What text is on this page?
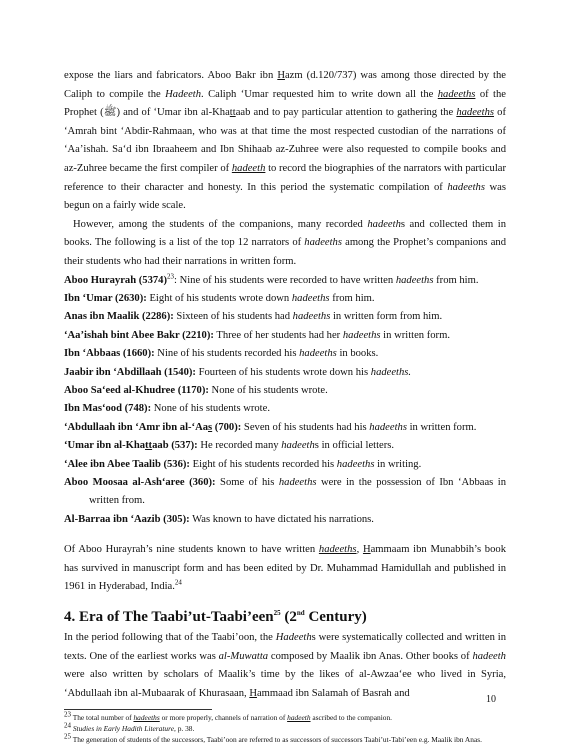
expose the liars and fabricators. Aboo Bakr ibn Hazm (d.120/737) was among those directed by the Caliph to compile the Hadeeth. Caliph ‘Umar requested him to write down all the hadeeths of the Prophet (ﷺ) and of ‘Umar ibn al-Khattaab and to pay particular attention to gathering the hadeeths of ‘Amrah bint ‘Abdir-Rahmaan, who was at that time the most respected custodian of the narrations of ‘Aa’ishah. Sa‘d ibn Ibraaheem and Ibn Shihaab az-Zuhree were also requested to compile books and az-Zuhree became the first compiler of hadeeth to record the biographies of the narrators with particular reference to their character and honesty. In this period the systematic compilation of hadeeths was begun on a fairly wide scale.

However, among the students of the companions, many recorded hadeeths and collected them in books. The following is a list of the top 12 narrators of hadeeths among the Prophet’s companions and their students who had their narrations in written form.

Aboo Hurayrah $(5374)^{23}$: Nine of his students were recorded to have written hadeeths from him.
Ibn ‘Umar (2630): Eight of his students wrote down hadeeths from him.
Anas ibn Maalik (2286): Sixteen of his students had hadeeths in written form from him.
‘Aa’ishah bint Abee Bakr (2210): Three of her students had her hadeeths in written form.
Ibn ‘Abbaas (1660): Nine of his students recorded his hadeeths in books.
Jaabir ibn ‘Abdillaah (1540): Fourteen of his students wrote down his hadeeths.
Aboo Sa‘eed al-Khudree (1170): None of his students wrote.
Ibn Mas‘ood (748): None of his students wrote.
‘Abdullaah ibn ‘Amr ibn al-‘Aas (700): Seven of his students had his hadeeths in written form.
‘Umar ibn al-Khattaab (537): He recorded many hadeeths in official letters.
‘Alee ibn Abee Taalib (536): Eight of his students recorded his hadeeths in writing.
Aboo Moosaa al-Ash‘aree (360): Some of his hadeeths were in the possession of Ibn ‘Abbaas in written from.
Al-Barraa ibn ‘Aazib (305): Was known to have dictated his narrations.

Of Aboo Hurayrah’s nine students known to have written hadeeths, Hammaam ibn Munabbih’s book has survived in manuscript form and has been edited by Dr. Muhammad Hamidullah and published in 1961 in Hyderabad, India.$^{24}$

4. Era of The Taabi’ut-Taabi’een$^{25}$ (2nd Century)

In the period following that of the Taabi’oon, the Hadeeths were systematically collected and written in texts. One of the earliest works was al-Muwatta composed by Maalik ibn Anas. Other books of hadeeth were also written by scholars of Maalik’s time by the likes of al-Awzaa‘ee who lived in Syria, ‘Abdullaah ibn al-Mubaarak of Khurasaan, Hammaad ibn Salamah of Basrah and

$^{23}$ The total number of hadeeths or more properly, channels of narration of hadeeth ascribed to the companion.
$^{24}$ Studies in Early Hadith Literature, p. 38.
$^{25}$ The generation of students of the successors, Taabi’oon are referred to as successors of successors Taabi’ut-Tabi’een e.g. Maalik ibn Anas.
10
